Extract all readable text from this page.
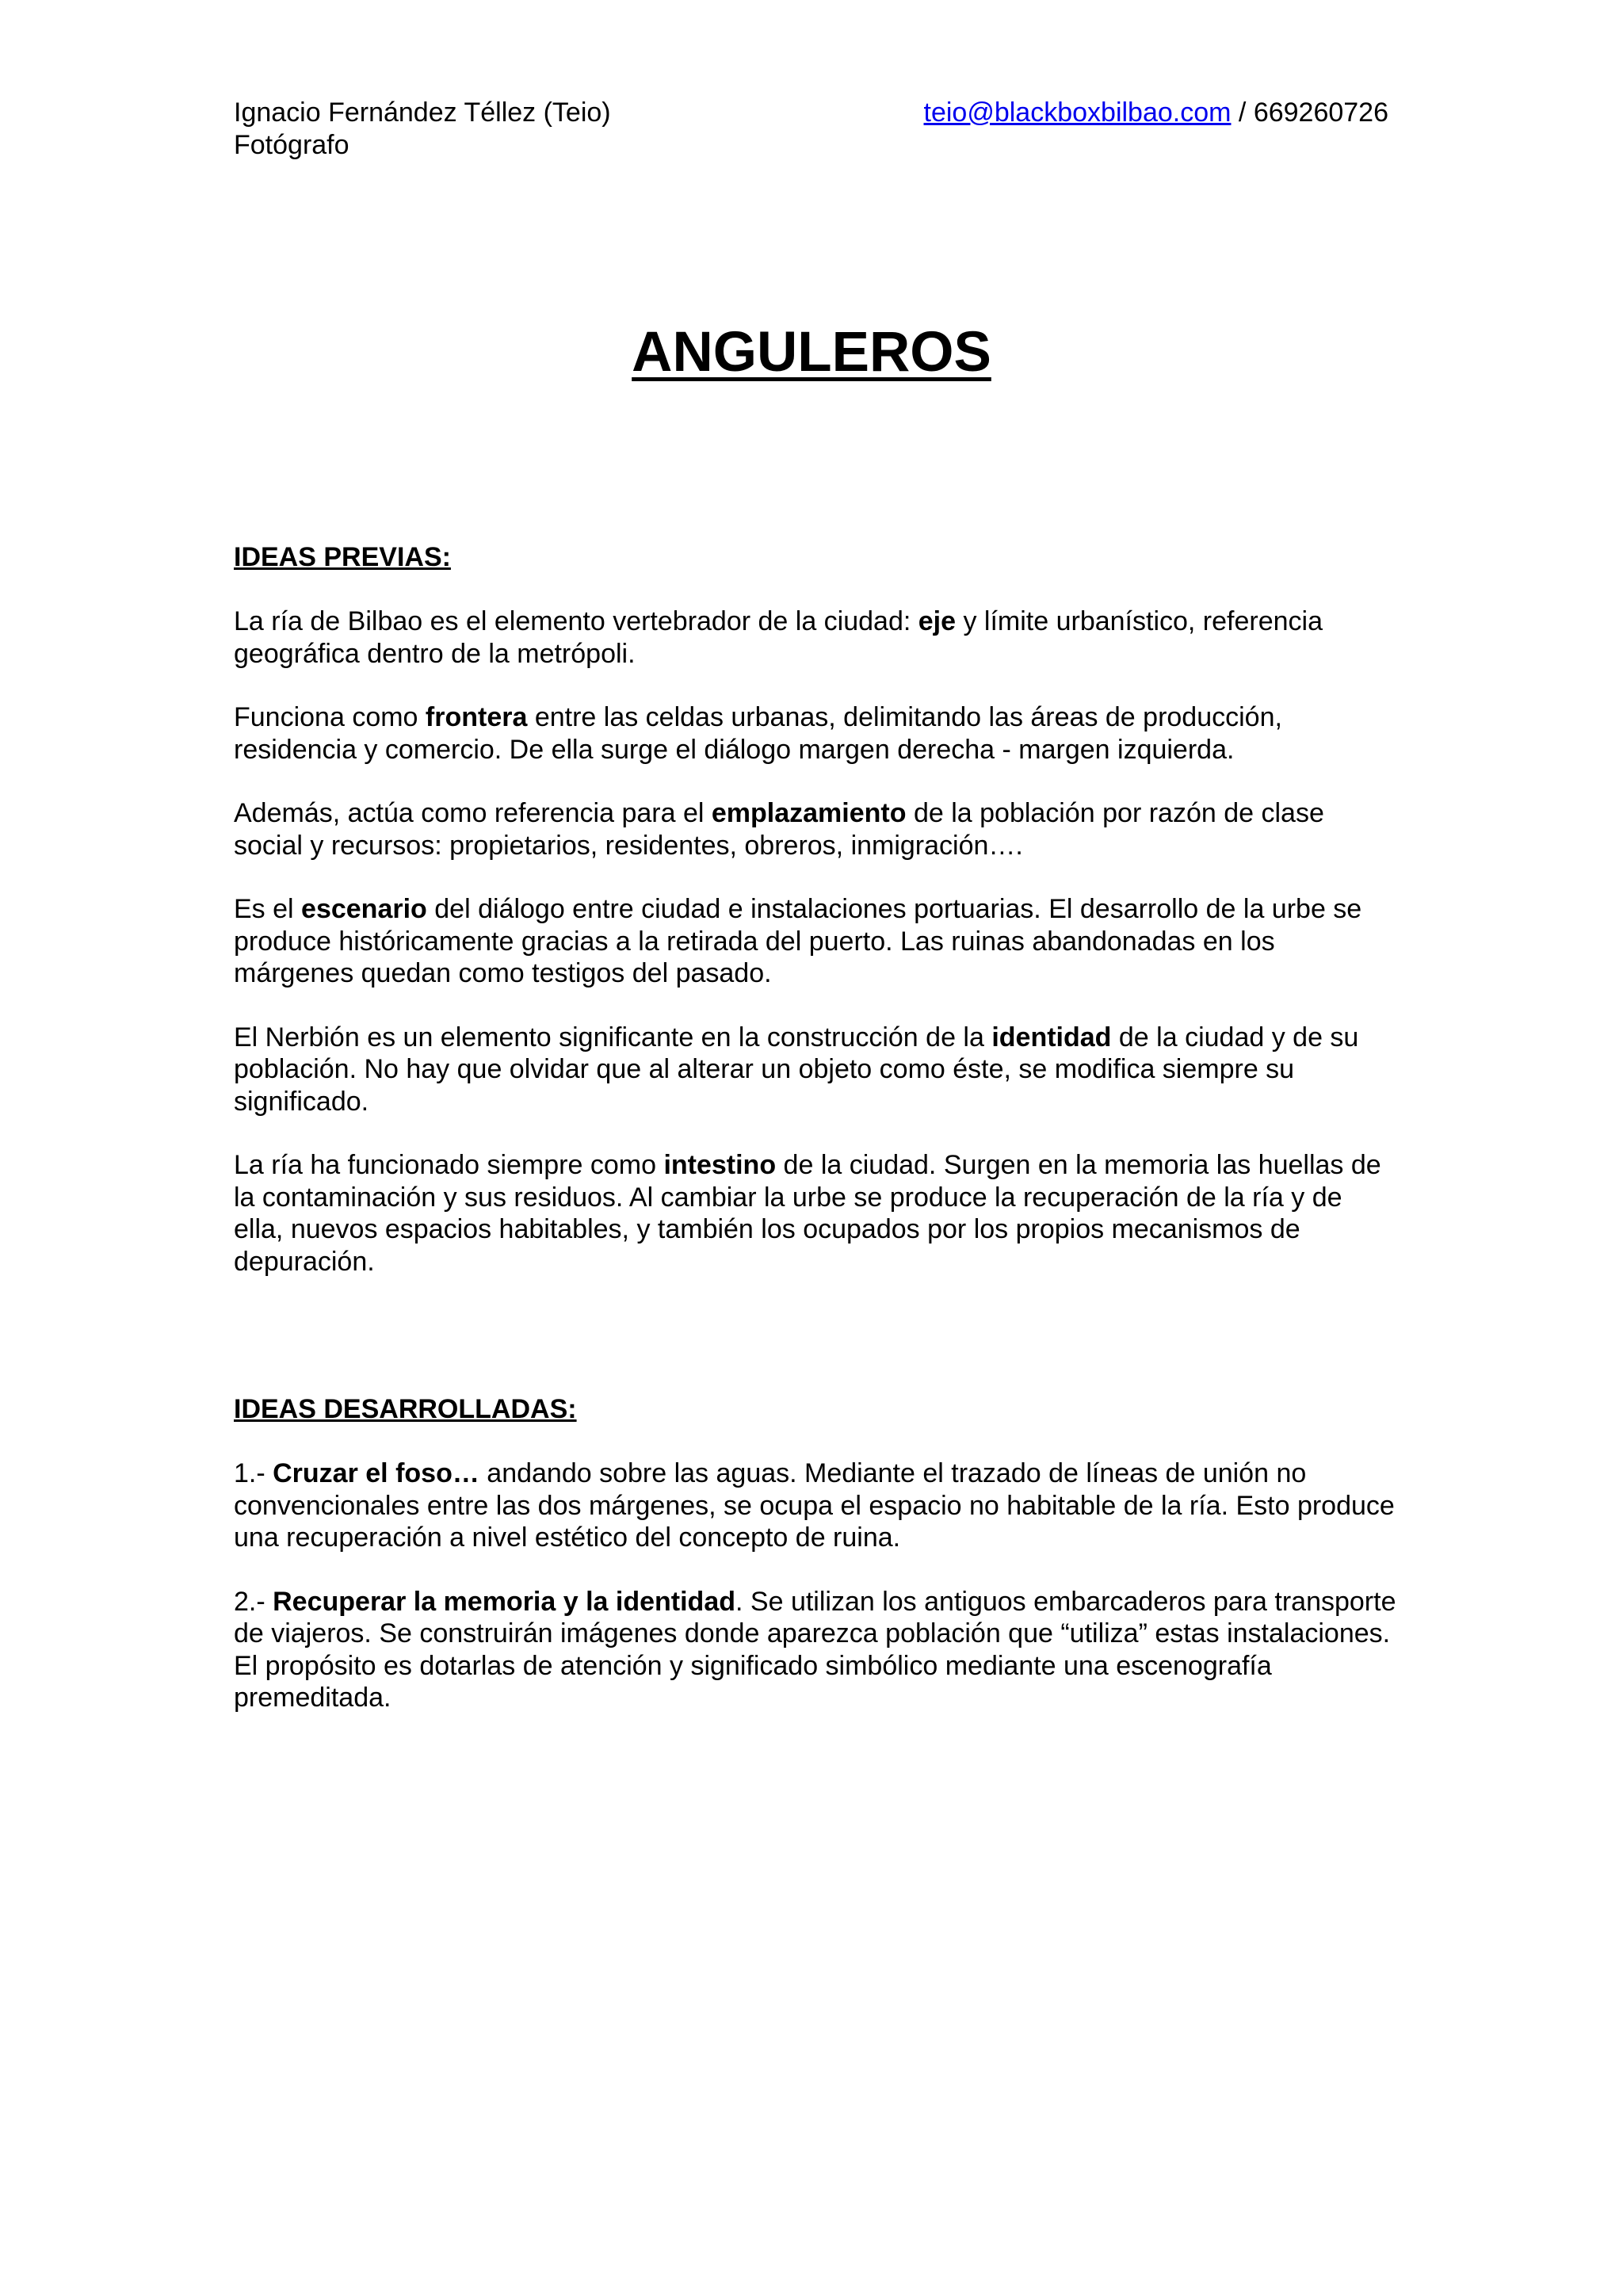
Ignacio Fernández Téllez (Teio)
Fotógrafo
teio@blackboxbilbao.com / 669260726
ANGULEROS
IDEAS PREVIAS:

La ría de Bilbao es el elemento vertebrador de la ciudad: eje y límite urbanístico, referencia geográfica dentro de la metrópoli.

Funciona como frontera entre las celdas urbanas, delimitando las áreas de producción, residencia y comercio. De ella surge el diálogo margen derecha - margen izquierda.

Además, actúa como referencia para el emplazamiento de la población por razón de clase social y recursos: propietarios, residentes, obreros, inmigración….

Es el escenario del diálogo entre ciudad e instalaciones portuarias. El desarrollo de la urbe se produce históricamente gracias a la retirada del puerto. Las ruinas abandonadas en los márgenes quedan como testigos del pasado.

El Nerbión es un elemento significante en la construcción de la identidad de la ciudad y de su población. No hay que olvidar que al alterar un objeto como éste, se modifica siempre su significado.

La ría ha funcionado siempre como intestino de la ciudad. Surgen en la memoria las huellas de la contaminación y sus residuos. Al cambiar la urbe se produce la recuperación de la ría y de ella, nuevos espacios habitables, y también los ocupados por los propios mecanismos de depuración.

IDEAS DESARROLLADAS:

1.- Cruzar el foso… andando sobre las aguas. Mediante el trazado de líneas de unión no convencionales entre las dos márgenes, se ocupa el espacio no habitable de la ría. Esto produce una recuperación a nivel estético del concepto de ruina.

2.- Recuperar la memoria y la identidad. Se utilizan los antiguos embarcaderos para transporte de viajeros. Se construirán imágenes donde aparezca población que “utiliza” estas instalaciones. El propósito es dotarlas de atención y significado simbólico mediante una escenografía premeditada.
